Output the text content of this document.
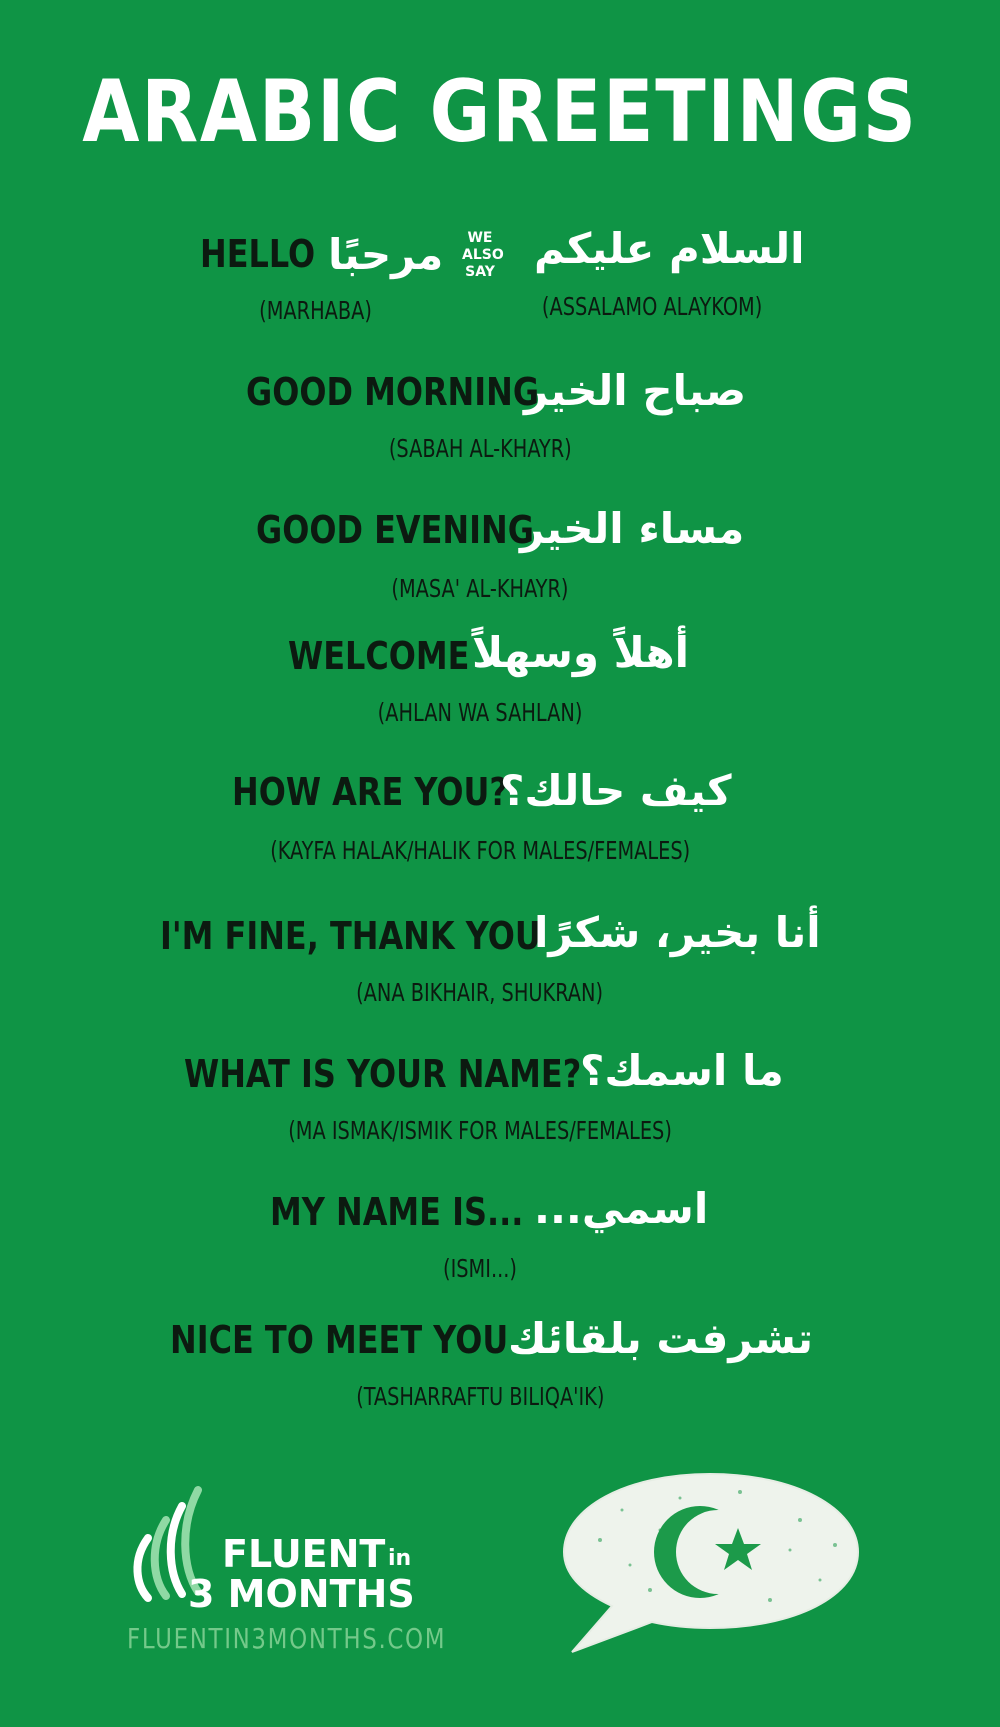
ARABIC GREETINGS
HELLO مرحبًا	WE
ALSO
SAY السلام عليكم
(MARHABA)	(ASSALAMO ALAYKOM)
GOOD MORNING
صباح الخير
(SABAH AL-KHAYR)
GOOD EVENING
مساء الخير
(MASA' AL-KHAYR)
WELCOME أهلاً وسهلاً
(AHLAN WA SAHLAN)
HOW ARE YOU?
كيف حالك؟
(KAYFA HALAK/HALIK FOR MALES/FEMALES)
I'M FINE, THANK YOU
أنا بخير، شكرًا
(ANA BIKHAIR, SHUKRAN)
WHAT IS YOUR NAME?
ما اسمك؟
(MA ISMAK/ISMIK FOR MALES/FEMALES)
MY NAME IS... اسمي...
(ISMI...)
NICE TO MEET YOU تشرفت بلقائك
(TASHARRAFTU BILIQA'IK)
FLUENT in
3 MONTHS
FLUENTIN3MONTHS.COM
